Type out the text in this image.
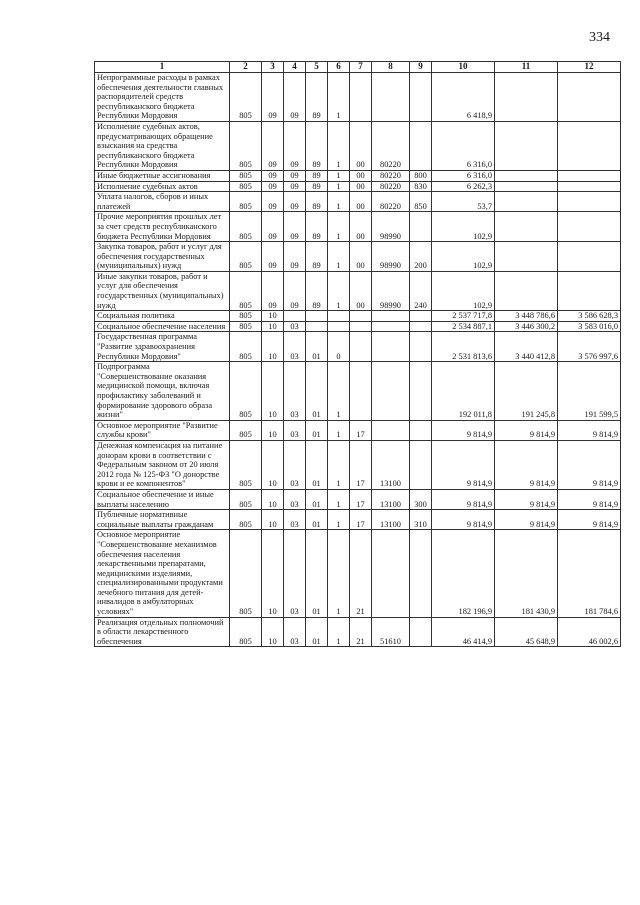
334
1	2	3	4	5	6	7	8	9	10	11	12
Непрограммные расходы в рамках обеспечения деятельности главных распорядителей средств республиканского бюджета Республики Мордовия	805	09	09	89	1				6 418,9		
Исполнение судебных актов, предусматривающих обращение взыскания на средства республиканского бюджета Республики Мордовия	805	09	09	89	1	00	80220		6 316,0		
Иные бюджетные ассигнования	805	09	09	89	1	00	80220	800	6 316,0		
Исполнение судебных актов	805	09	09	89	1	00	80220	830	6 262,3		
Уплата налогов, сборов и иных платежей	805	09	09	89	1	00	80220	850	53,7		
Прочие мероприятия прошлых лет за счет средств республиканского бюджета Республики Мордовия	805	09	09	89	1	00	98990		102,9		
Закупка товаров, работ и услуг для обеспечения государственных (муниципальных) нужд	805	09	09	89	1	00	98990	200	102,9		
Иные закупки товаров, работ и услуг для обеспечения государственных (муниципальных) нужд	805	09	09	89	1	00	98990	240	102,9		
Социальная политика	805	10							2 537 717,8	3 448 786,6	3 586 628,3
Социальное обеспечение населения	805	10	03						2 534 887,1	3 446 300,2	3 583 016,0
Государственная программа "Развитие здравоохранения Республики Мордовия"	805	10	03	01	0				2 531 813,6	3 440 412,8	3 576 997,6
Подпрограмма "Совершенствование оказания медицинской помощи, включая профилактику заболеваний и формирование здорового образа жизни"	805	10	03	01	1				192 011,8	191 245,8	191 599,5
Основное мероприятие "Развитие службы крови"	805	10	03	01	1	17			9 814,9	9 814,9	9 814,9
Денежная компенсация на питание донорам крови в соответствии с Федеральным законом от 20 июля 2012 года № 125-ФЗ "О донорстве крови и ее компонентов"	805	10	03	01	1	17	13100		9 814,9	9 814,9	9 814,9
Социальное обеспечение и иные выплаты населению	805	10	03	01	1	17	13100	300	9 814,9	9 814,9	9 814,9
Публичные нормативные социальные выплаты гражданам	805	10	03	01	1	17	13100	310	9 814,9	9 814,9	9 814,9
Основное мероприятие "Совершенствование механизмов обеспечения населения лекарственными препаратами, медицинскими изделиями, специализированными продуктами лечебного питания для детей-инвалидов в амбулаторных условиях"	805	10	03	01	1	21			182 196,9	181 430,9	181 784,6
Реализация отдельных полномочий в области лекарственного обеспечения	805	10	03	01	1	21	51610		46 414,9	45 648,9	46 002,6
